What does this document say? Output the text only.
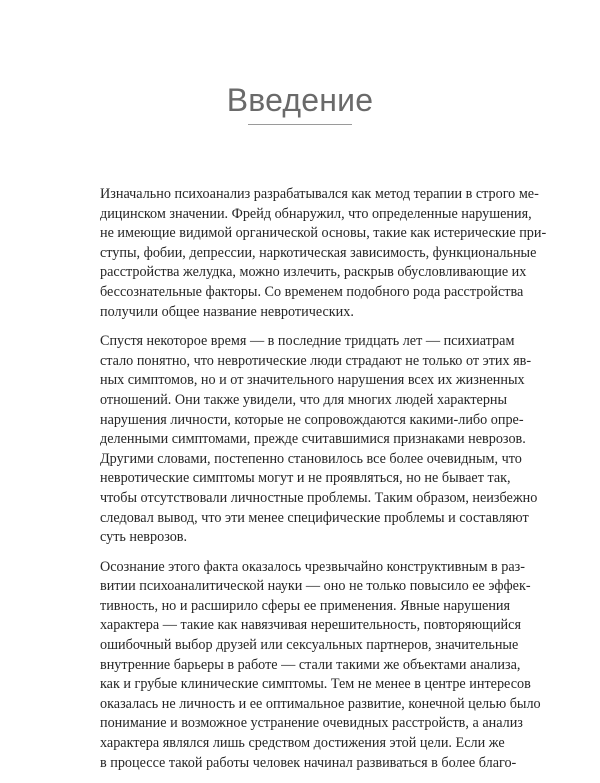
Введение

Изначально психоанализ разрабатывался как метод терапии в строго ме-
дицинском значении. Фрейд обнаружил, что определенные нарушения,
не имеющие видимой органической основы, такие как истерические при-
ступы, фобии, депрессии, наркотическая зависимость, функциональные
расстройства желудка, можно излечить, раскрыв обусловливающие их
бессознательные факторы. Со временем подобного рода расстройства
получили общее название невротических.

Спустя некоторое время — в последние тридцать лет — психиатрам
стало понятно, что невротические люди страдают не только от этих яв-
ных симптомов, но и от значительного нарушения всех их жизненных
отношений. Они также увидели, что для многих людей характерны
нарушения личности, которые не сопровождаются какими-либо опре-
деленными симптомами, прежде считавшимися признаками неврозов.
Другими словами, постепенно становилось все более очевидным, что
невротические симптомы могут и не проявляться, но не бывает так,
чтобы отсутствовали личностные проблемы. Таким образом, неизбежно
следовал вывод, что эти менее специфические проблемы и составляют
суть неврозов.

Осознание этого факта оказалось чрезвычайно конструктивным в раз-
витии психоаналитической науки — оно не только повысило ее эффек-
тивность, но и расширило сферы ее применения. Явные нарушения
характера — такие как навязчивая нерешительность, повторяющийся
ошибочный выбор друзей или сексуальных партнеров, значительные
внутренние барьеры в работе — стали такими же объектами анализа,
как и грубые клинические симптомы. Тем не менее в центре интересов
оказалась не личность и ее оптимальное развитие, конечной целью было
понимание и возможное устранение очевидных расстройств, а анализ
характера являлся лишь средством достижения этой цели. Если же
в процессе такой работы человек начинал развиваться в более благо-
